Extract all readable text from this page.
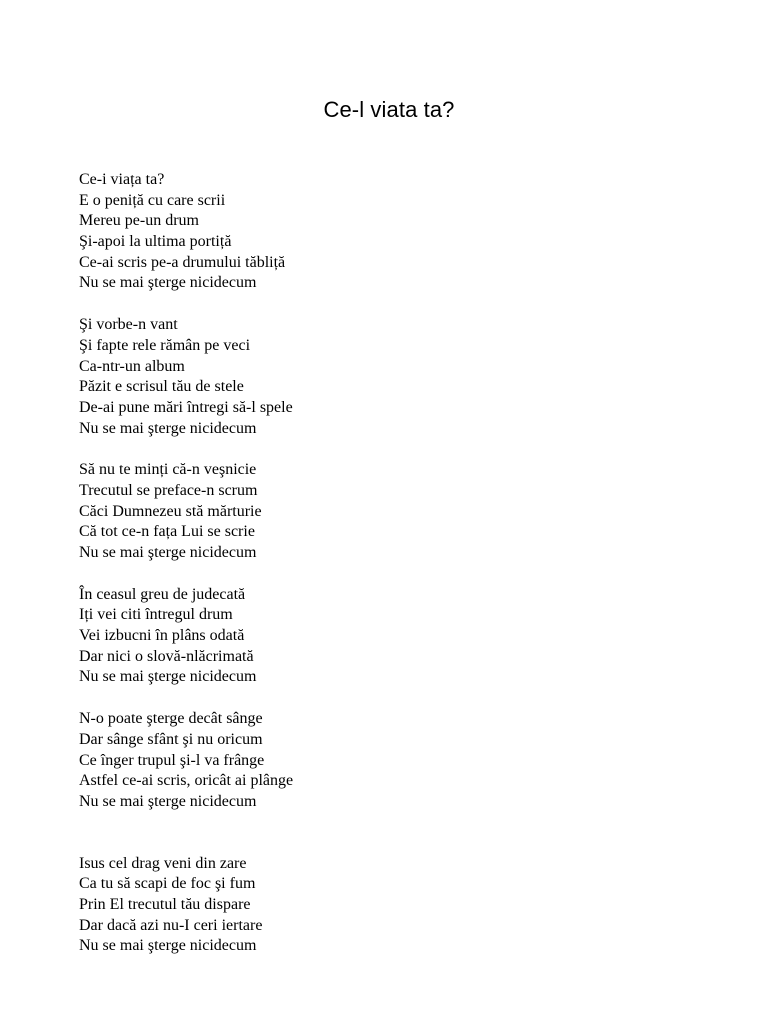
Ce-l viata ta?
Ce-i viața ta?
E o peniță cu care scrii
Mereu pe-un drum
Şi-apoi la ultima portiță
Ce-ai scris pe-a drumului tăbliță
Nu se mai şterge nicidecum
Şi vorbe-n vant
Şi fapte rele rămân pe veci
Ca-ntr-un album
Păzit e scrisul tău de stele
De-ai pune mări întregi să-l spele
Nu se mai şterge nicidecum
Să nu te minți că-n veşnicie
Trecutul se preface-n scrum
Căci Dumnezeu stă mărturie
Că tot ce-n fața Lui se scrie
Nu se mai şterge nicidecum
În ceasul greu de judecată
Iți vei citi întregul drum
Vei izbucni în plâns odată
Dar nici o slovă-nlăcrimată
Nu se mai şterge nicidecum
N-o poate şterge decât sânge
Dar sânge sfânt şi nu oricum
Ce înger trupul şi-l va frânge
Astfel ce-ai scris, oricât ai plânge
Nu se mai şterge nicidecum
Isus cel drag veni din zare
Ca tu să scapi de foc şi fum
Prin El trecutul tău dispare
Dar dacă azi nu-I ceri iertare
Nu se mai şterge nicidecum
